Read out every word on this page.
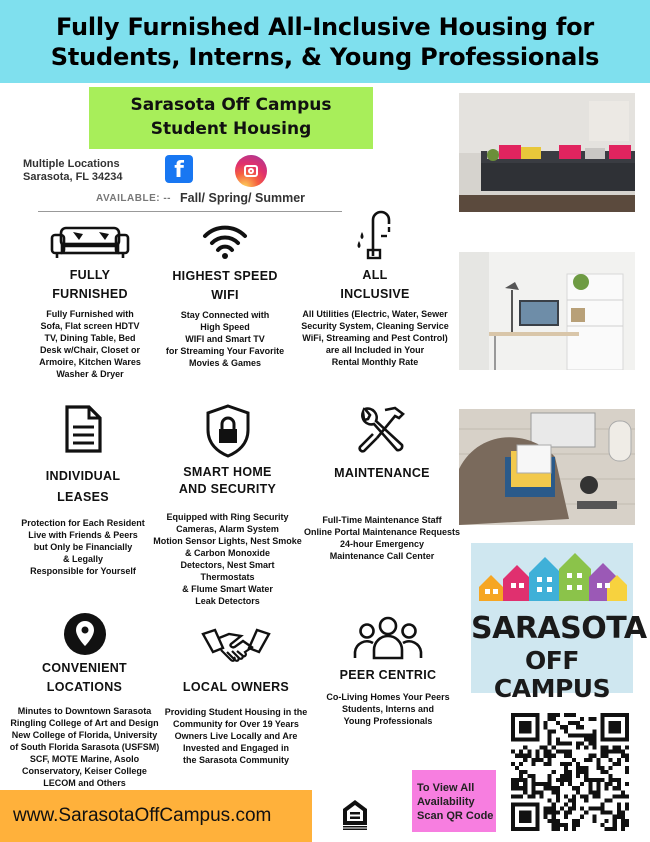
Fully Furnished All-Inclusive Housing for
Students, Interns, & Young Professionals
Sarasota Off Campus
Student Housing
Multiple Locations
Sarasota, FL 34234	f
AVAILABLE: -- Fall/ Spring/ Summer
FULLY
FURNISHED
Fully Furnished with
Sofa, Flat screen HDTV
TV, Dining Table, Bed
Desk w/Chair, Closet or
Armoire, Kitchen Wares
Washer & Dryer
HIGHEST SPEED
WIFI
Stay Connected with
High Speed
WIFI and Smart TV
for Streaming Your Favorite
Movies & Games
ALL
INCLUSIVE
All Utilities (Electric, Water, Sewer
Security System, Cleaning Service
WiFi, Streaming and Pest Control)
are all Included in Your
Rental Monthly Rate
INDIVIDUAL
LEASES
Protection for Each Resident
Live with Friends & Peers
but Only be Financially
& Legally
Responsible for Yourself
SMART HOME
AND SECURITY
Equipped with Ring Security
Cameras, Alarm System
Motion Sensor Lights, Nest Smoke
& Carbon Monoxide
Detectors, Nest Smart
Thermostats
& Flume Smart Water
Leak Detectors
MAINTENANCE
Full-Time Maintenance Staff
Online Portal Maintenance Requests
24-hour Emergency
Maintenance Call Center
CONVENIENT
LOCATIONS
Minutes to Downtown Sarasota
Ringling College of Art and Design
New College of Florida, University
of South Florida Sarasota (USFSM)
SCF, MOTE Marine, Asolo
Conservatory, Keiser College
LECOM and Others
LOCAL OWNERS
Providing Student Housing in the
Community for Over 19 Years
Owners Live Locally and Are
Invested and Engaged in
the Sarasota Community
PEER CENTRIC
Co-Living Homes Your Peers
Students, Interns and
Young Professionals
SARASOTA
OFF CAMPUS
To View All
Availability
Scan QR Code
www.SarasotaOffCampus.com
